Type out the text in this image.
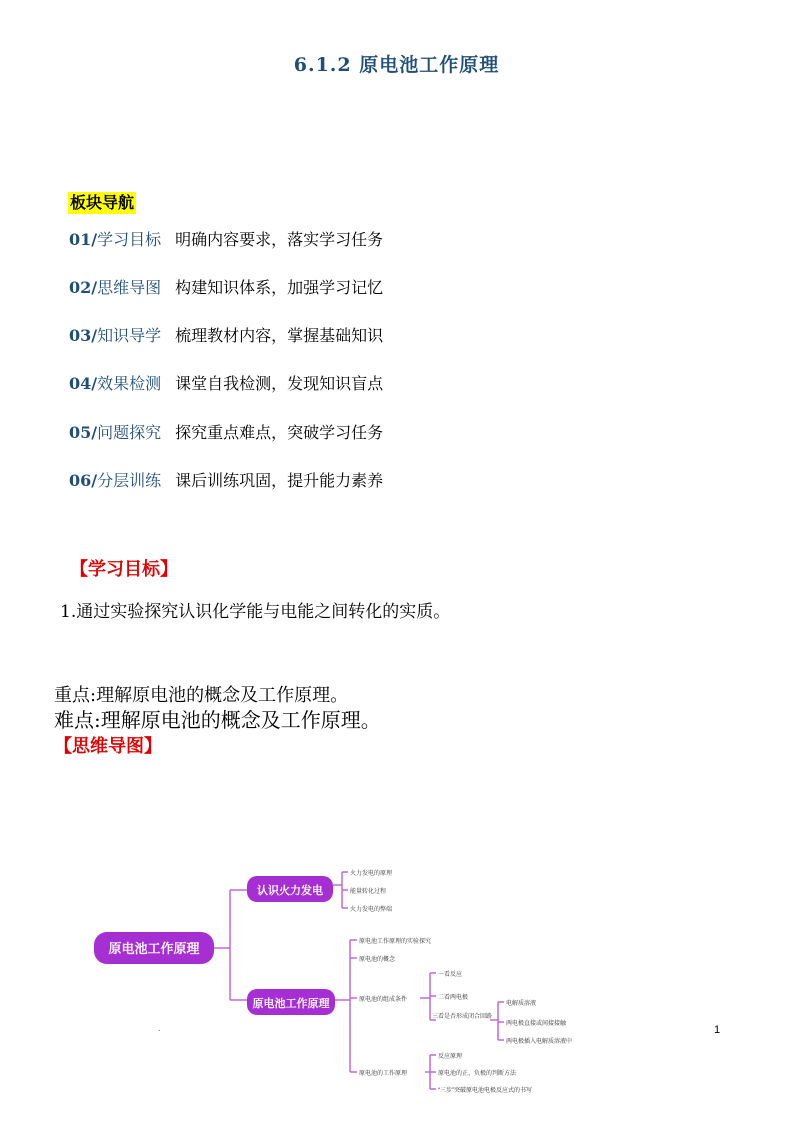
6.1.2 原电池工作原理
板块导航
01/学习目标 明确内容要求，落实学习任务
02/思维导图 构建知识体系，加强学习记忆
03/知识导学 梳理教材内容，掌握基础知识
04/效果检测 课堂自我检测，发现知识盲点
05/问题探究 探究重点难点，突破学习任务
06/分层训练 课后训练巩固，提升能力素养
【学习目标】
1.通过实验探究认识化学能与电能之间转化的实质。
重点:理解原电池的概念及工作原理。
难点:理解原电池的概念及工作原理。
【思维导图】
原电池工作原理
认识火力发电
原电池工作原理
火力发电的原理
能量转化过程
火力发电的弊端
原电池工作原理的实验探究
原电池的概念
原电池的组成条件
原电池的工作原理
一看反应
二看两电极
三看是否形成闭合回路
电解质溶液
两电极直接或间接接触
两电极插入电解质溶液中
反应原理
原电池的正、负极的判断方法
“三步”突破原电池电极反应式的书写
.	1
